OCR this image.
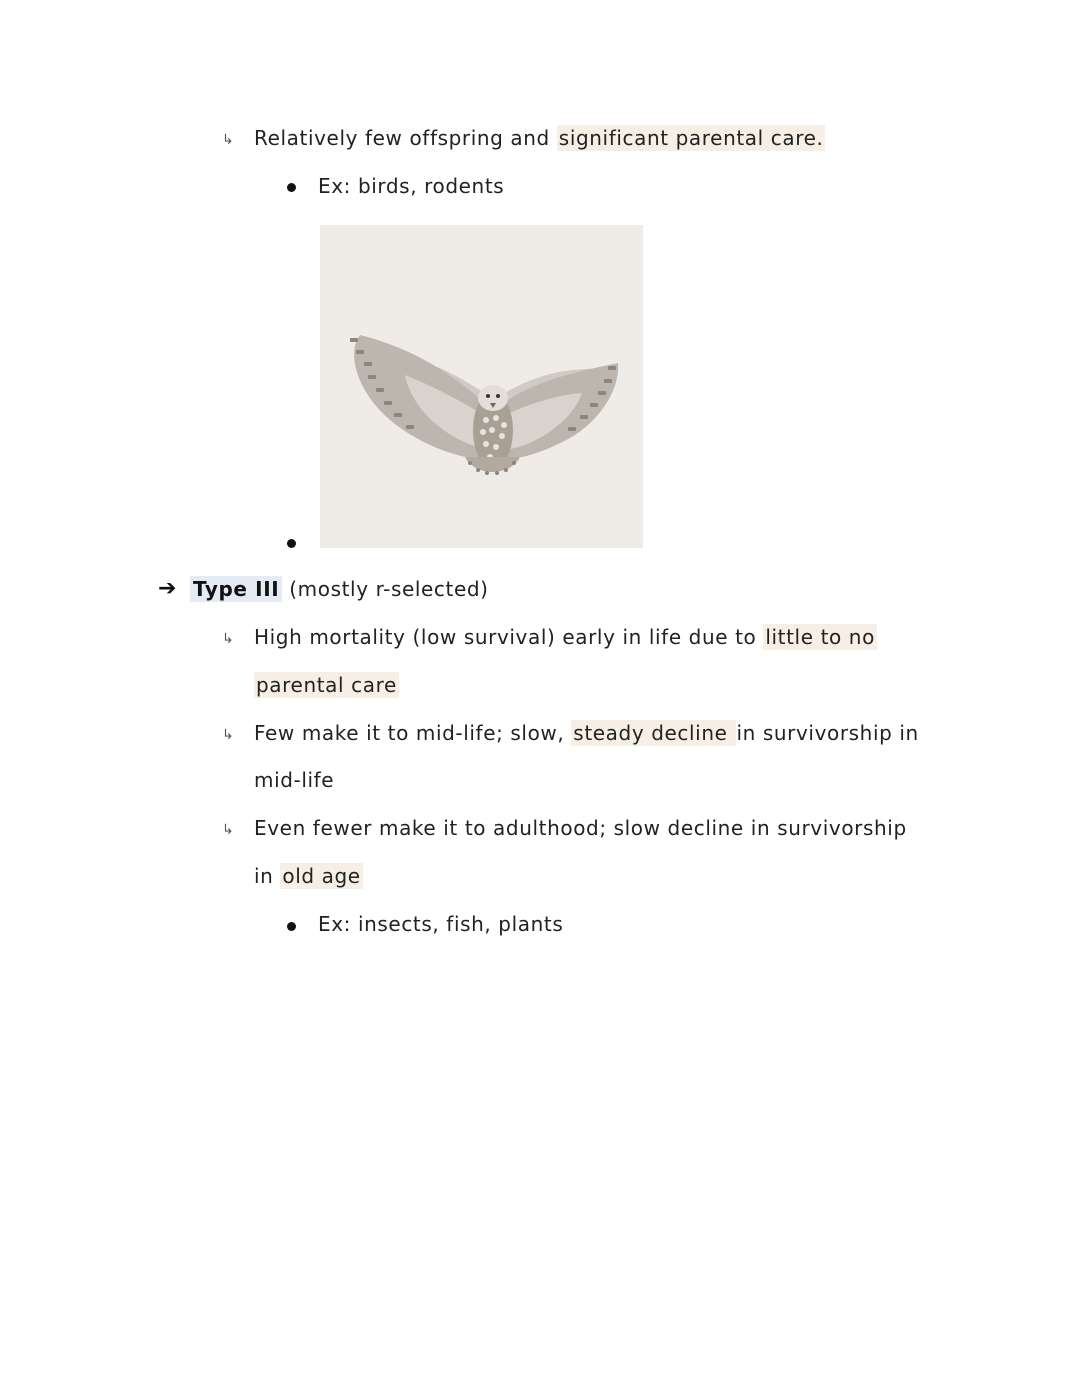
↳ Relatively few offspring and significant parental care.
Ex: birds, rodents
➔ Type III (mostly r-selected)
↳ High mortality (low survival) early in life due to little to no
parental care
↳ Few make it to mid-life; slow, steady decline in survivorship in
mid-life
↳ Even fewer make it to adulthood; slow decline in survivorship
in old age
Ex: insects, fish, plants
